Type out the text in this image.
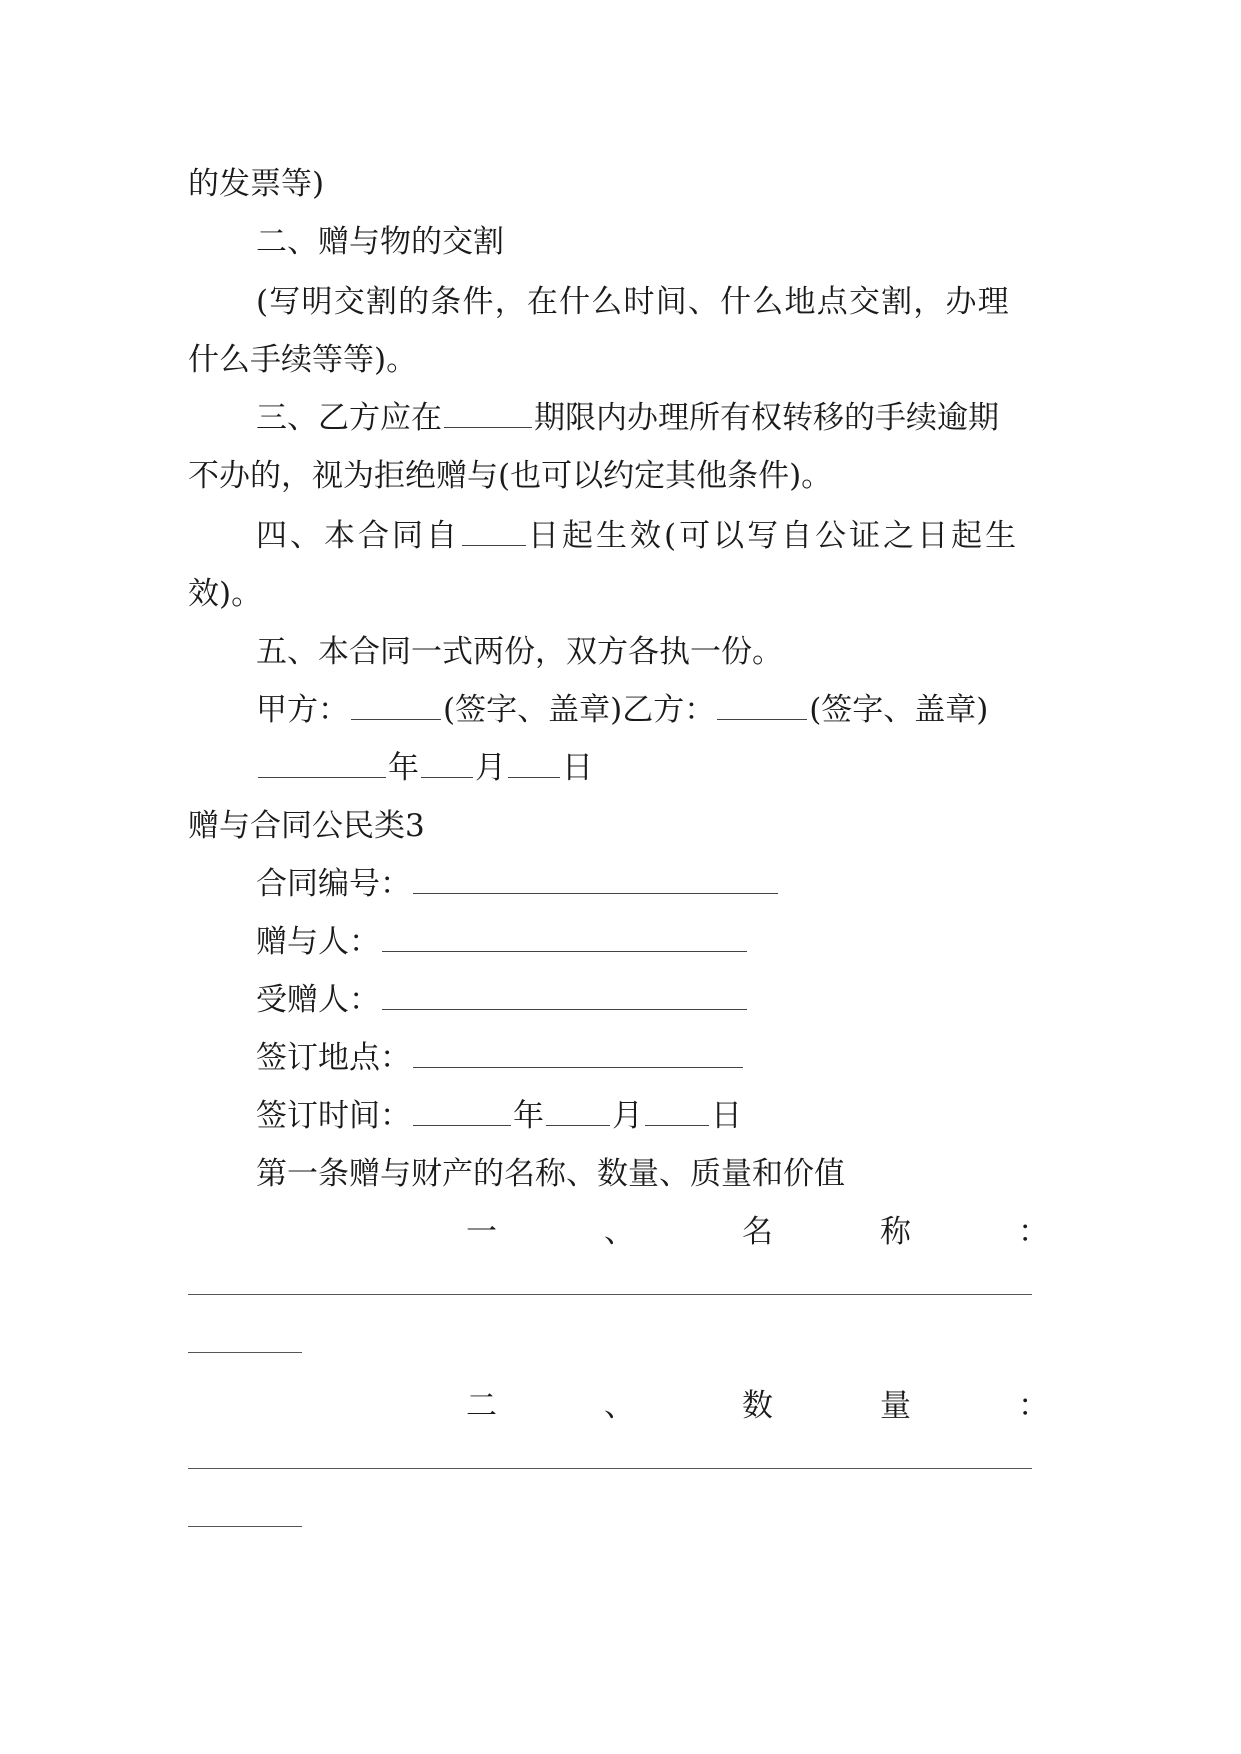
的发票等)
二、赠与物的交割
(写明交割的条件，在什么时间、什么地点交割，办理
什么手续等等)。
三、乙方应在	期限内办理所有权转移的手续逾期
不办的，视为拒绝赠与(也可以约定其他条件)。
四、本合同自 日起生效(可以写自公证之日起生
效)。
五、本合同一式两份，双方各执一份。
甲方：	(签字、盖章)乙方：	(签字、盖章)
年 月 日
赠与合同公民类3
合同编号：
赠与人：
受赠人：
签订地点：
签订时间：	年 月 日
第一条赠与财产的名称、数量、质量和价值
一	、	名	称	：
二	、	数	量	：
